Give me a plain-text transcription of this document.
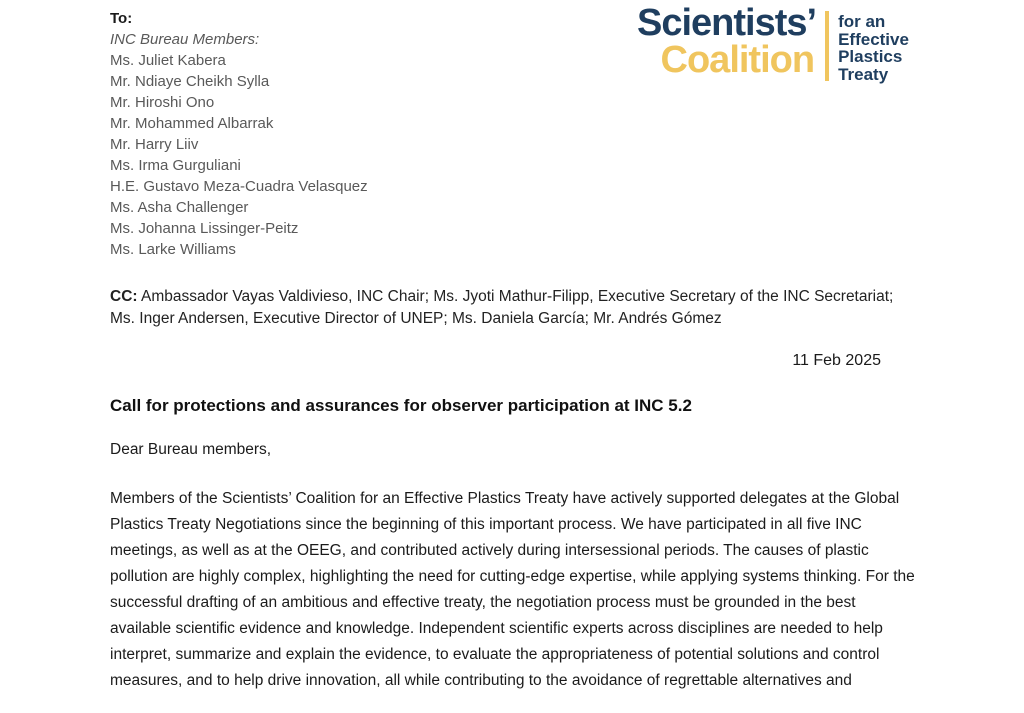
Scientists’
Coalition
for an
Effective
Plastics
Treaty
To:
INC Bureau Members:
Ms. Juliet Kabera
Mr. Ndiaye Cheikh Sylla
Mr. Hiroshi Ono
Mr. Mohammed Albarrak
Mr. Harry Liiv
Ms. Irma Gurguliani
H.E. Gustavo Meza-Cuadra Velasquez
Ms. Asha Challenger
Ms. Johanna Lissinger-Peitz
Ms. Larke Williams
CC: Ambassador Vayas Valdivieso, INC Chair; Ms. Jyoti Mathur-Filipp, Executive Secretary of the INC Secretariat; Ms. Inger Andersen, Executive Director of UNEP; Ms. Daniela García; Mr. Andrés Gómez
11 Feb 2025
Call for protections and assurances for observer participation at INC 5.2

Dear Bureau members,

Members of the Scientists’ Coalition for an Effective Plastics Treaty have actively supported delegates at the Global Plastics Treaty Negotiations since the beginning of this important process. We have participated in all five INC meetings, as well as at the OEEG, and contributed actively during intersessional periods. The causes of plastic pollution are highly complex, highlighting the need for cutting-edge expertise, while applying systems thinking. For the successful drafting of an ambitious and effective treaty, the negotiation process must be grounded in the best available scientific evidence and knowledge. Independent scientific experts across disciplines are needed to help interpret, summarize and explain the evidence, to evaluate the appropriateness of potential solutions and control measures, and to help drive innovation, all while contributing to the avoidance of regrettable alternatives and
